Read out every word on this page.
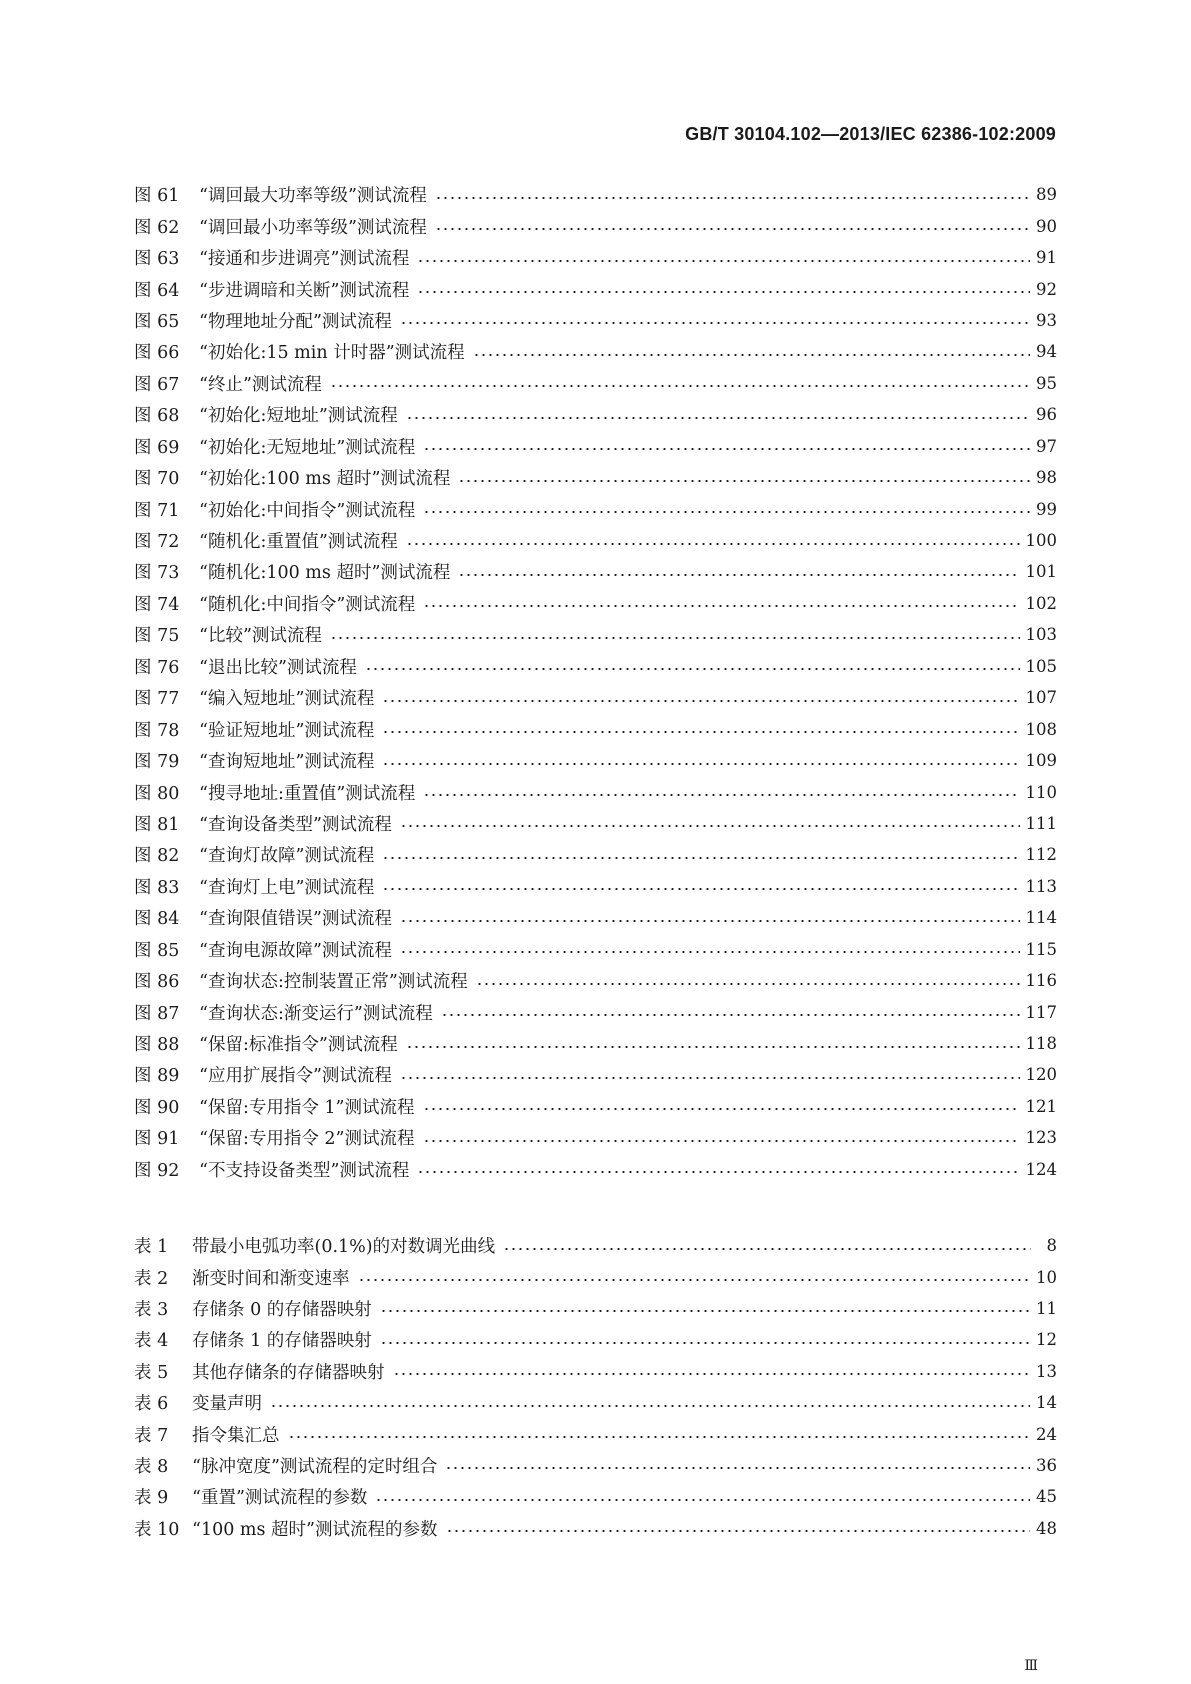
GB/T 30104.102—2013/IEC 62386-102:2009
图 61	“调回最大功率等级”测试流程	89
图 62	“调回最小功率等级”测试流程	90
图 63	“接通和步进调亮”测试流程	91
图 64	“步进调暗和关断”测试流程	92
图 65	“物理地址分配”测试流程	93
图 66	“初始化:15 min 计时器”测试流程	94
图 67	“终止”测试流程	95
图 68	“初始化:短地址”测试流程	96
图 69	“初始化:无短地址”测试流程	97
图 70	“初始化:100 ms 超时”测试流程	98
图 71	“初始化:中间指令”测试流程	99
图 72	“随机化:重置值”测试流程	100
图 73	“随机化:100 ms 超时”测试流程	101
图 74	“随机化:中间指令”测试流程	102
图 75	“比较”测试流程	103
图 76	“退出比较”测试流程	105
图 77	“编入短地址”测试流程	107
图 78	“验证短地址”测试流程	108
图 79	“查询短地址”测试流程	109
图 80	“搜寻地址:重置值”测试流程	110
图 81	“查询设备类型”测试流程	111
图 82	“查询灯故障”测试流程	112
图 83	“查询灯上电”测试流程	113
图 84	“查询限值错误”测试流程	114
图 85	“查询电源故障”测试流程	115
图 86	“查询状态:控制装置正常”测试流程	116
图 87	“查询状态:渐变运行”测试流程	117
图 88	“保留:标准指令”测试流程	118
图 89	“应用扩展指令”测试流程	120
图 90	“保留:专用指令 1”测试流程	121
图 91	“保留:专用指令 2”测试流程	123
图 92	“不支持设备类型”测试流程	124
表 1	带最小电弧功率(0.1%)的对数调光曲线	8
表 2	渐变时间和渐变速率	10
表 3	存储条 0 的存储器映射	11
表 4	存储条 1 的存储器映射	12
表 5	其他存储条的存储器映射	13
表 6	变量声明	14
表 7	指令集汇总	24
表 8	“脉冲宽度”测试流程的定时组合	36
表 9	“重置”测试流程的参数	45
表 10 “100 ms 超时”测试流程的参数	48
Ⅲ
